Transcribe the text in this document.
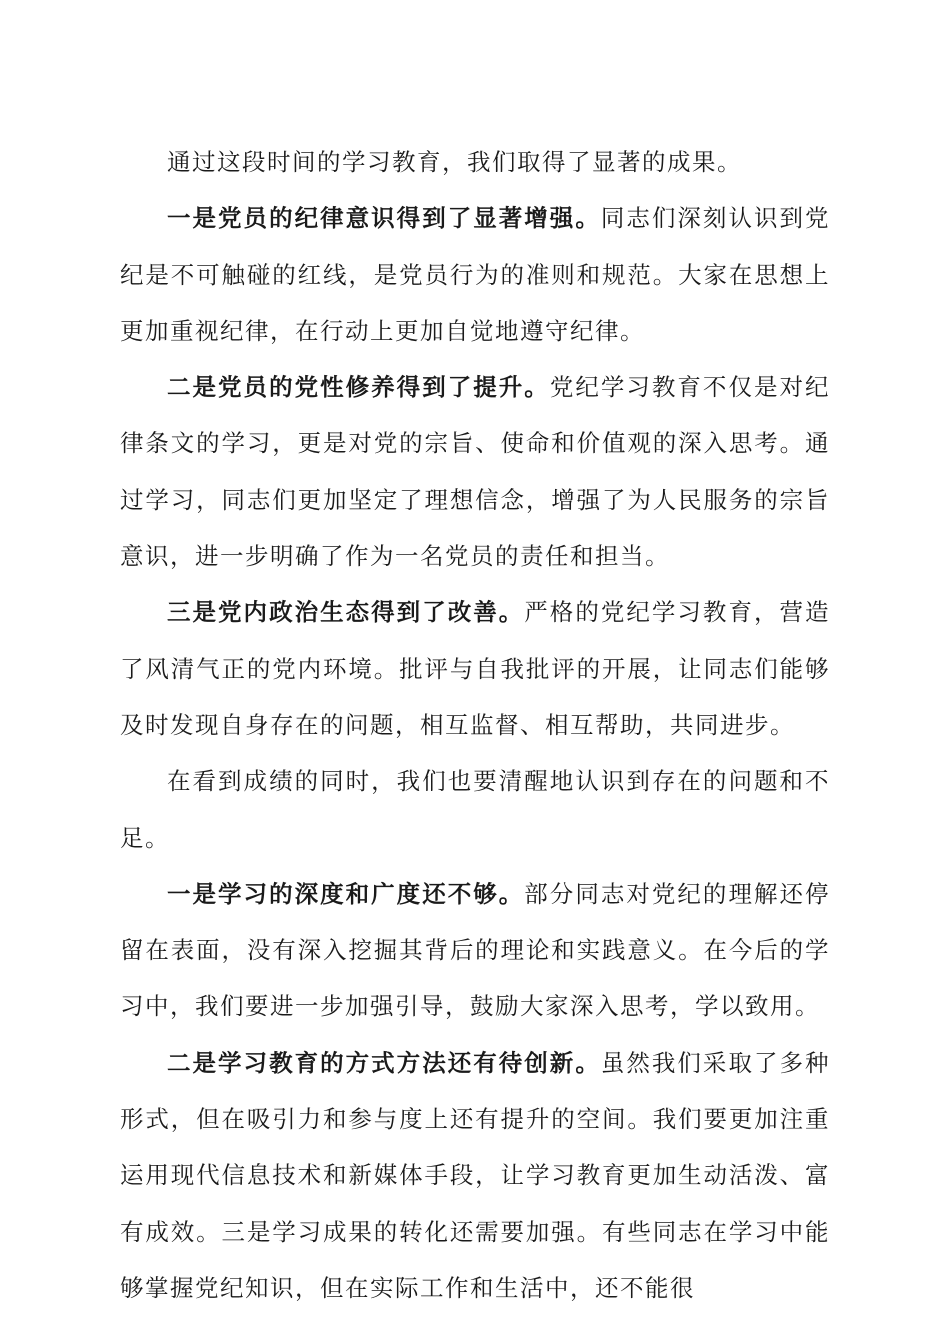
通过这段时间的学习教育，我们取得了显著的成果。

一是党员的纪律意识得到了显著增强。同志们深刻认识到党纪是不可触碰的红线，是党员行为的准则和规范。大家在思想上更加重视纪律，在行动上更加自觉地遵守纪律。

二是党员的党性修养得到了提升。党纪学习教育不仅是对纪律条文的学习，更是对党的宗旨、使命和价值观的深入思考。通过学习，同志们更加坚定了理想信念，增强了为人民服务的宗旨意识，进一步明确了作为一名党员的责任和担当。

三是党内政治生态得到了改善。严格的党纪学习教育，营造了风清气正的党内环境。批评与自我批评的开展，让同志们能够及时发现自身存在的问题，相互监督、相互帮助，共同进步。

在看到成绩的同时，我们也要清醒地认识到存在的问题和不足。

一是学习的深度和广度还不够。部分同志对党纪的理解还停留在表面，没有深入挖掘其背后的理论和实践意义。在今后的学习中，我们要进一步加强引导，鼓励大家深入思考，学以致用。

二是学习教育的方式方法还有待创新。虽然我们采取了多种形式，但在吸引力和参与度上还有提升的空间。我们要更加注重运用现代信息技术和新媒体手段，让学习教育更加生动活泼、富有成效。三是学习成果的转化还需要加强。有些同志在学习中能够掌握党纪知识，但在实际工作和生活中，还不能很
